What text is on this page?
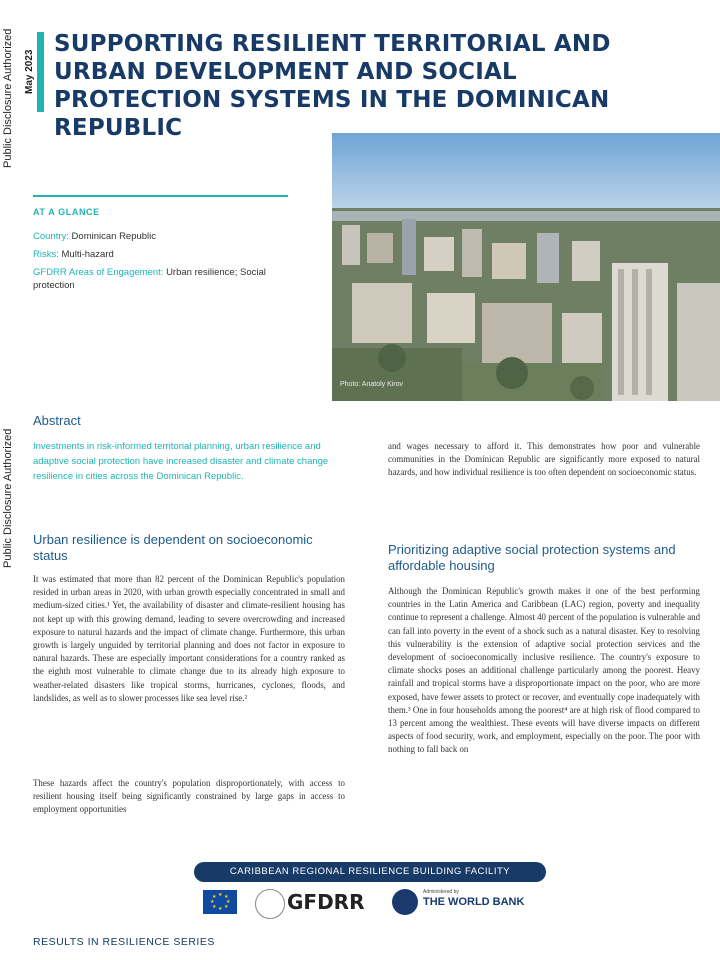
Public Disclosure Authorized
Public Disclosure Authorized
May 2023
SUPPORTING RESILIENT TERRITORIAL AND URBAN DEVELOPMENT AND SOCIAL PROTECTION SYSTEMS IN THE DOMINICAN REPUBLIC
Photo: Anatoly Kirov
AT A GLANCE

Country: Dominican Republic

Risks: Multi-hazard

GFDRR Areas of Engagement: Urban resilience; Social protection

Abstract

Investments in risk-informed territorial planning, urban resilience and adaptive social protection have increased disaster and climate change resilience in cities across the Dominican Republic.

Urban resilience is dependent on socioeconomic status

It was estimated that more than 82 percent of the Dominican Republic's population resided in urban areas in 2020, with urban growth especially concentrated in small and medium-sized cities.¹ Yet, the availability of disaster and climate-resilient housing has not kept up with this growing demand, leading to severe overcrowding and increased exposure to natural hazards and the impact of climate change. Furthermore, this urban growth is largely unguided by territorial planning and does not factor in exposure to natural hazards. These are especially important considerations for a country ranked as the eighth most vulnerable to climate change due to its already high exposure to weather-related disasters like tropical storms, hurricanes, cyclones, floods, and landslides, as well as to slower processes like sea level rise.²

These hazards affect the country's population disproportionately, with access to resilient housing itself being significantly constrained by large gaps in access to employment opportunities

and wages necessary to afford it. This demonstrates how poor and vulnerable communities in the Dominican Republic are significantly more exposed to natural hazards, and how individual resilience is too often dependent on socioeconomic status.

Prioritizing adaptive social protection systems and affordable housing

Although the Dominican Republic's growth makes it one of the best performing countries in the Latin America and Caribbean (LAC) region, poverty and inequality continue to represent a challenge. Almost 40 percent of the population is vulnerable and can fall into poverty in the event of a shock such as a natural disaster. Key to resolving this vulnerability is the extension of adaptive social protection services and the development of socioeconomically inclusive resilience. The country's exposure to climate shocks poses an additional challenge particularly among the poorest. Heavy rainfall and tropical storms have a disproportionate impact on the poor, who are more exposed, have fewer assets to protect or recover, and eventually cope inadequately with them.³ One in four households among the poorest⁴ are at high risk of flood compared to 13 percent among the wealthiest. These events will have diverse impacts on different aspects of food security, work, and employment, especially on the poor. The poor with nothing to fall back on

CARIBBEAN REGIONAL RESILIENCE BUILDING FACILITY
★ ★
★
★
★
★
★
★	GFDRR	Administered by
THE WORLD BANK
RESULTS IN RESILIENCE SERIES
